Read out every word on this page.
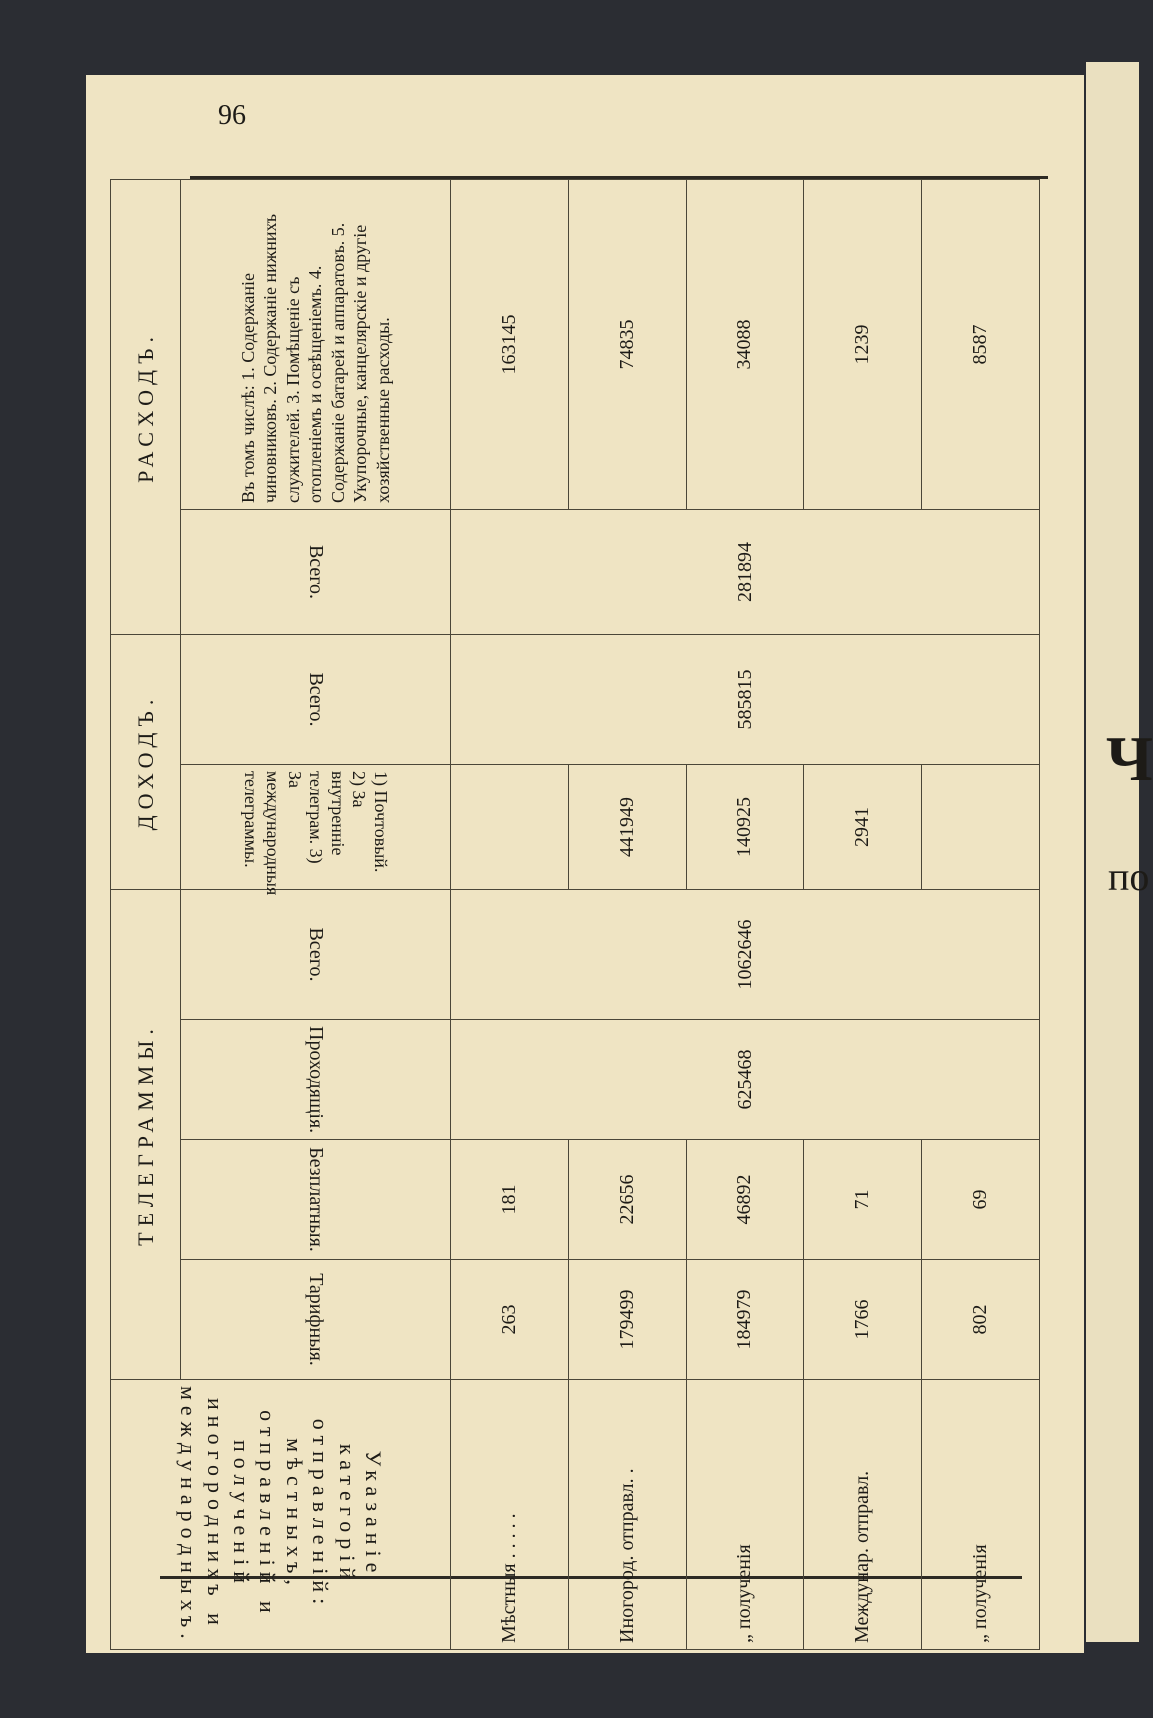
Ч
по
96
Указаніе категорій отправленій: мѣстныхъ, отправленій и полученій иногороднихъ и международныхъ.	ТЕЛЕГРАММЫ.				ДОХОДЪ.		РАСХОДЪ.	

	Тарифныя.	Безплатныя.	Проходящія.	Всего.	1) Почтовый. 2) За внутренніе телеграм. 3) За международныя телеграммы.	Всего.	Всего.	Въ томъ числѣ: 1. Содержаніе чиновниковъ. 2. Содержаніе нижнихъ служителей. 3. Помѣщеніе съ отопленіемъ и освѣщеніемъ. 4. Содержаніе батарей и аппаратовъ. 5. Укупорочные, канцелярскіе и другіе хозяйственные расходы.
Мѣстныя . . . . .	263	181	625468	1062646		585815	281894	163145
Иногород. отправл. .	179499	22656			441949			74835
„ полученія	184979	46892			140925			34088
Междунар. отправл.	1766	71			2941			1239
„ полученія	802	69						8587
